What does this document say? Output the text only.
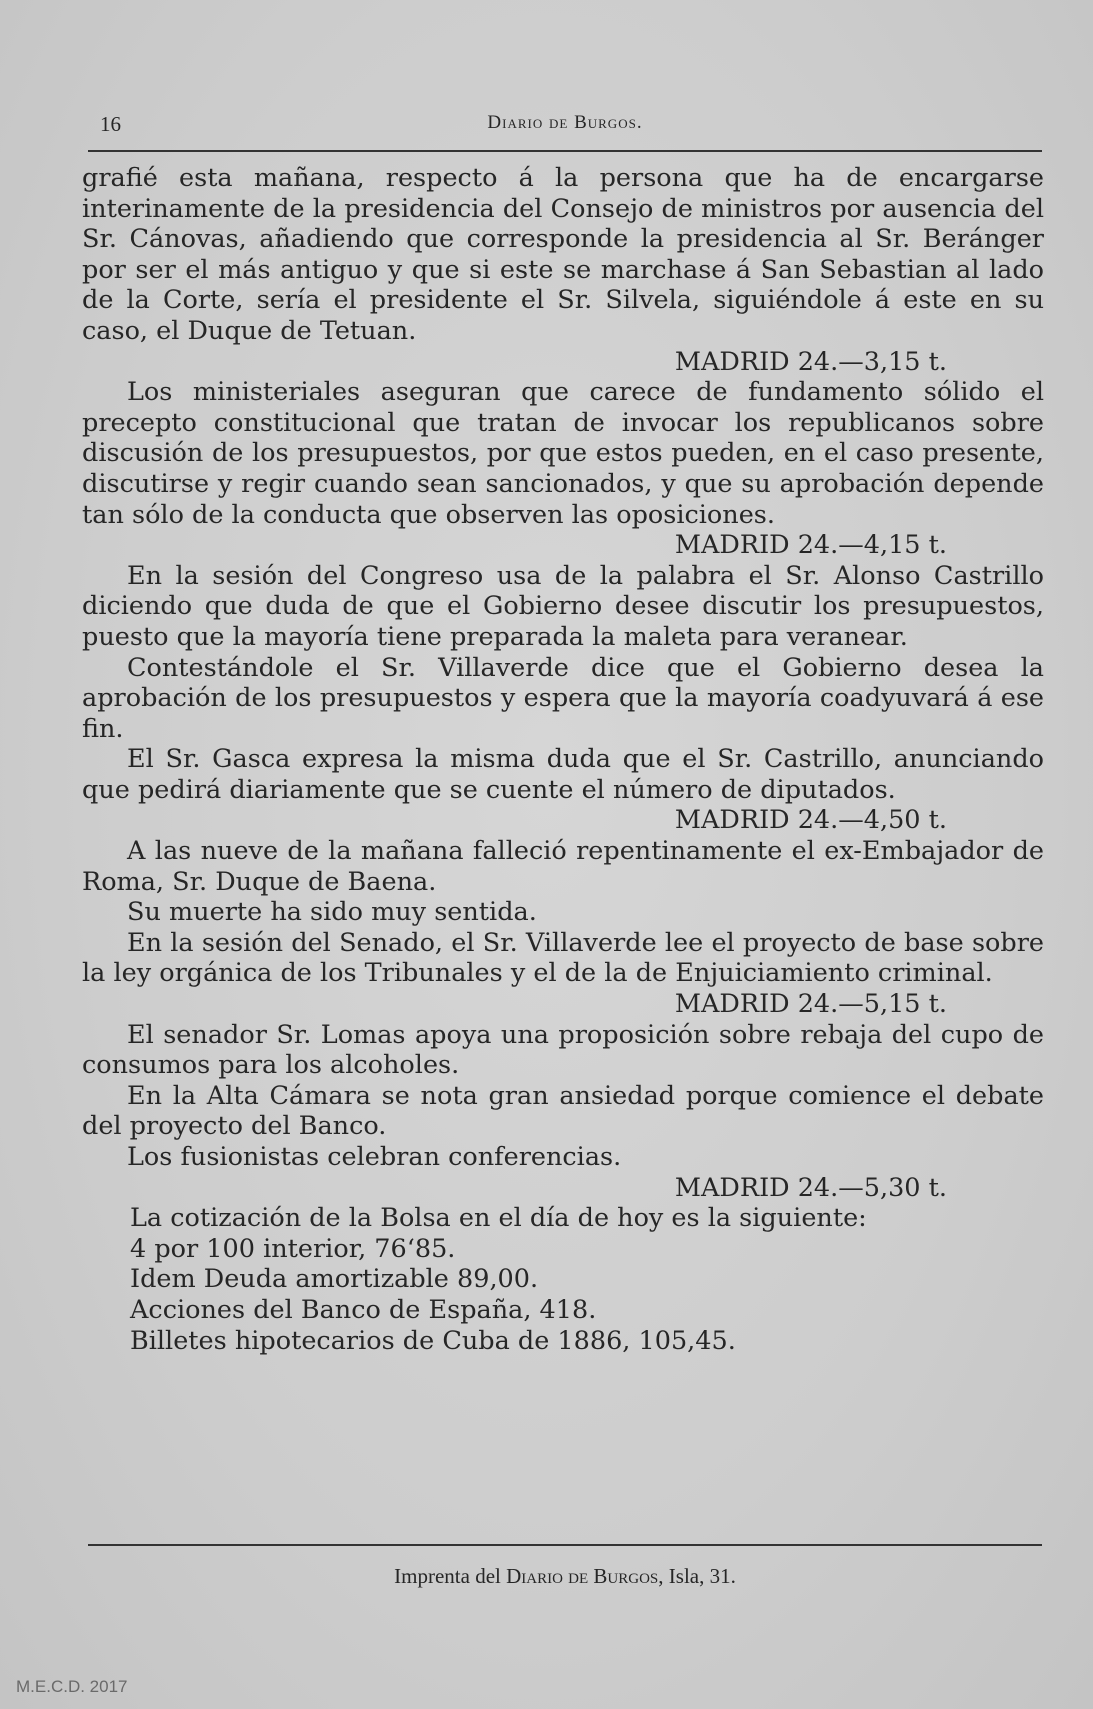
16	Diario de Burgos.

grafié esta mañana, respecto á la persona que ha de encargarse interinamente de la presidencia del Consejo de ministros por ausencia del Sr. Cánovas, añadiendo que corresponde la presidencia al Sr. Beránger por ser el más antiguo y que si este se marchase á San Sebastian al lado de la Corte, sería el presidente el Sr. Silvela, siguiéndole á este en su caso, el Duque de Tetuan.

MADRID 24.—3,15 t.

Los ministeriales aseguran que carece de fundamento sólido el precepto constitucional que tratan de invocar los republicanos sobre discusión de los presupuestos, por que estos pueden, en el caso presente, discutirse y regir cuando sean sancionados, y que su aprobación depende tan sólo de la conducta que observen las oposiciones.

MADRID 24.—4,15 t.

En la sesión del Congreso usa de la palabra el Sr. Alonso Castrillo diciendo que duda de que el Gobierno desee discutir los presupuestos, puesto que la mayoría tiene preparada la maleta para veranear.

Contestándole el Sr. Villaverde dice que el Gobierno desea la aprobación de los presupuestos y espera que la mayoría coadyuvará á ese fin.

El Sr. Gasca expresa la misma duda que el Sr. Castrillo, anunciando que pedirá diariamente que se cuente el número de diputados.

MADRID 24.—4,50 t.

A las nueve de la mañana falleció repentinamente el ex-Embajador de Roma, Sr. Duque de Baena.

Su muerte ha sido muy sentida.

En la sesión del Senado, el Sr. Villaverde lee el proyecto de base sobre la ley orgánica de los Tribunales y el de la de Enjuiciamiento criminal.

MADRID 24.—5,15 t.

El senador Sr. Lomas apoya una proposición sobre rebaja del cupo de consumos para los alcoholes.

En la Alta Cámara se nota gran ansiedad porque comience el debate del proyecto del Banco.

Los fusionistas celebran conferencias.

MADRID 24.—5,30 t.

La cotización de la Bolsa en el día de hoy es la siguiente:

4 por 100 interior, 76‘85.

Idem Deuda amortizable 89,00.

Acciones del Banco de España, 418.

Billetes hipotecarios de Cuba de 1886, 105,45.

Imprenta del Diario de Burgos, Isla, 31.
M.E.C.D. 2017
